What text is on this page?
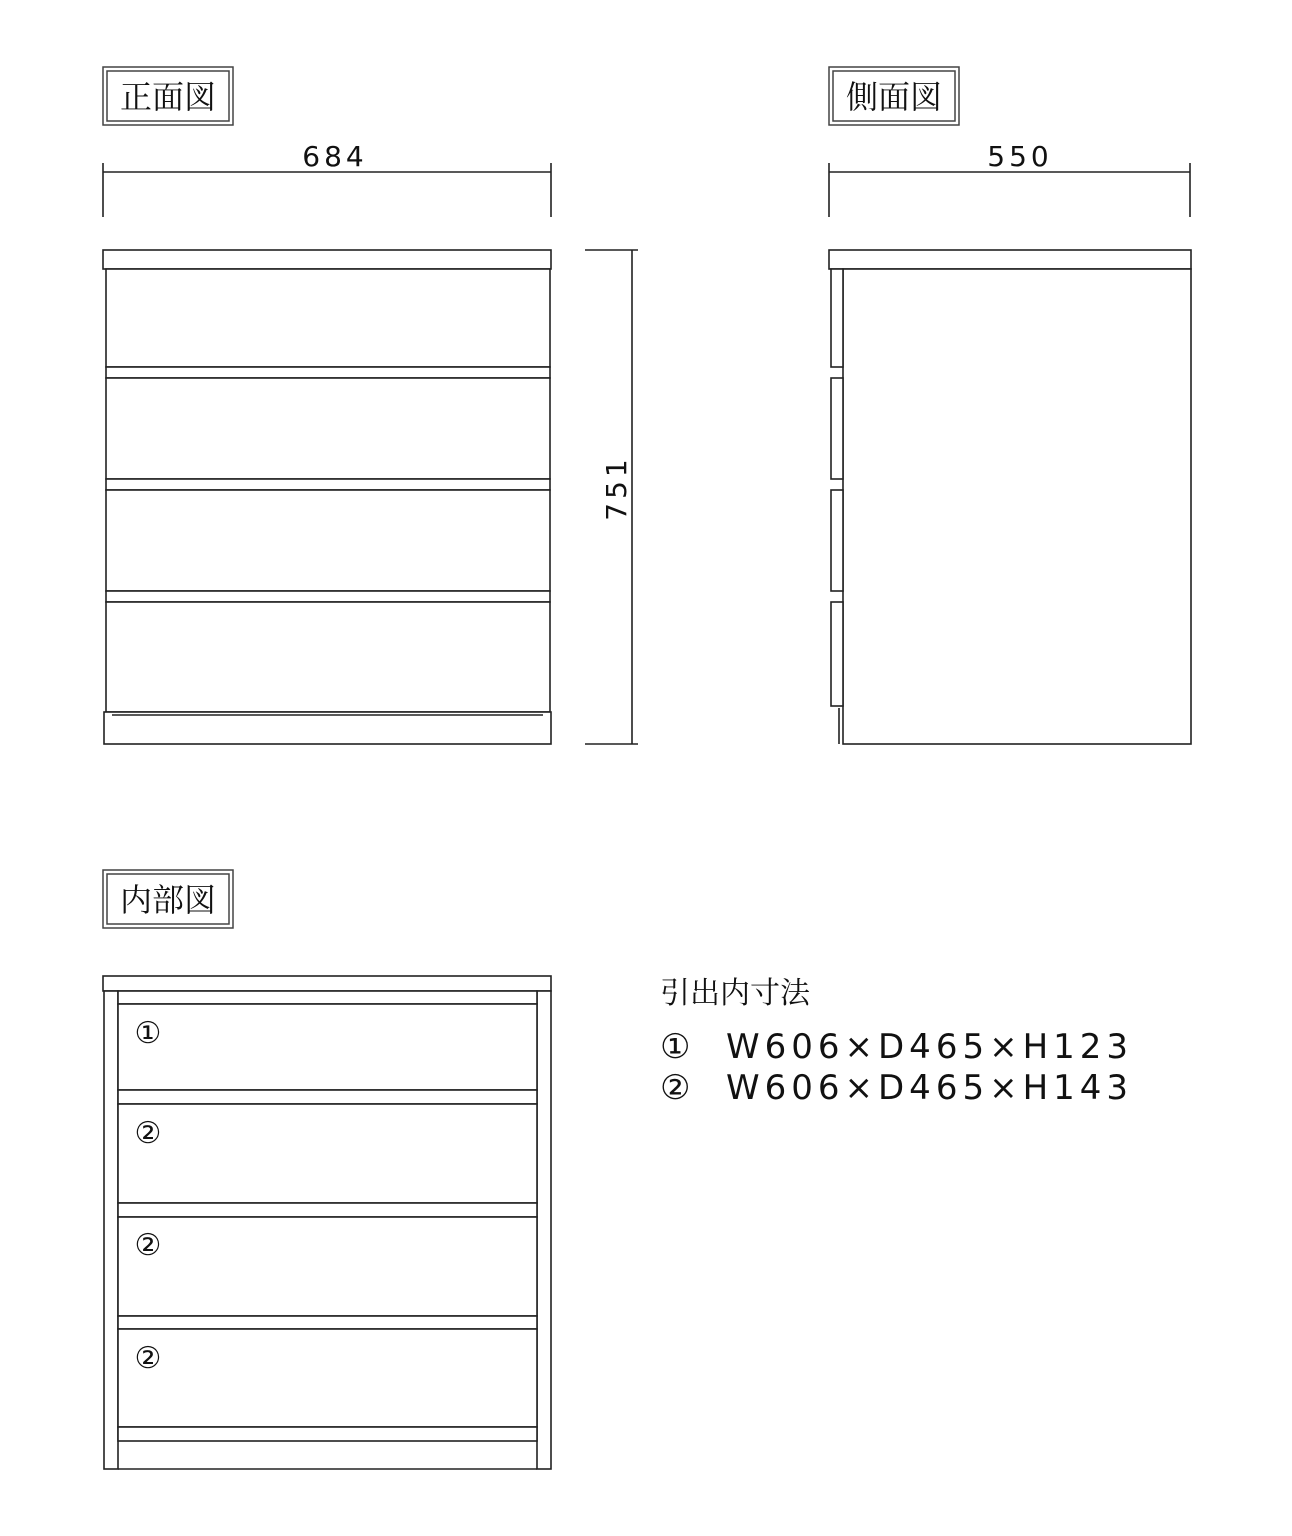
正面図
684
751
側面図
550
内部図
①
②
②
②
引出内寸法
① W606×D465×H123
② W606×D465×H143
